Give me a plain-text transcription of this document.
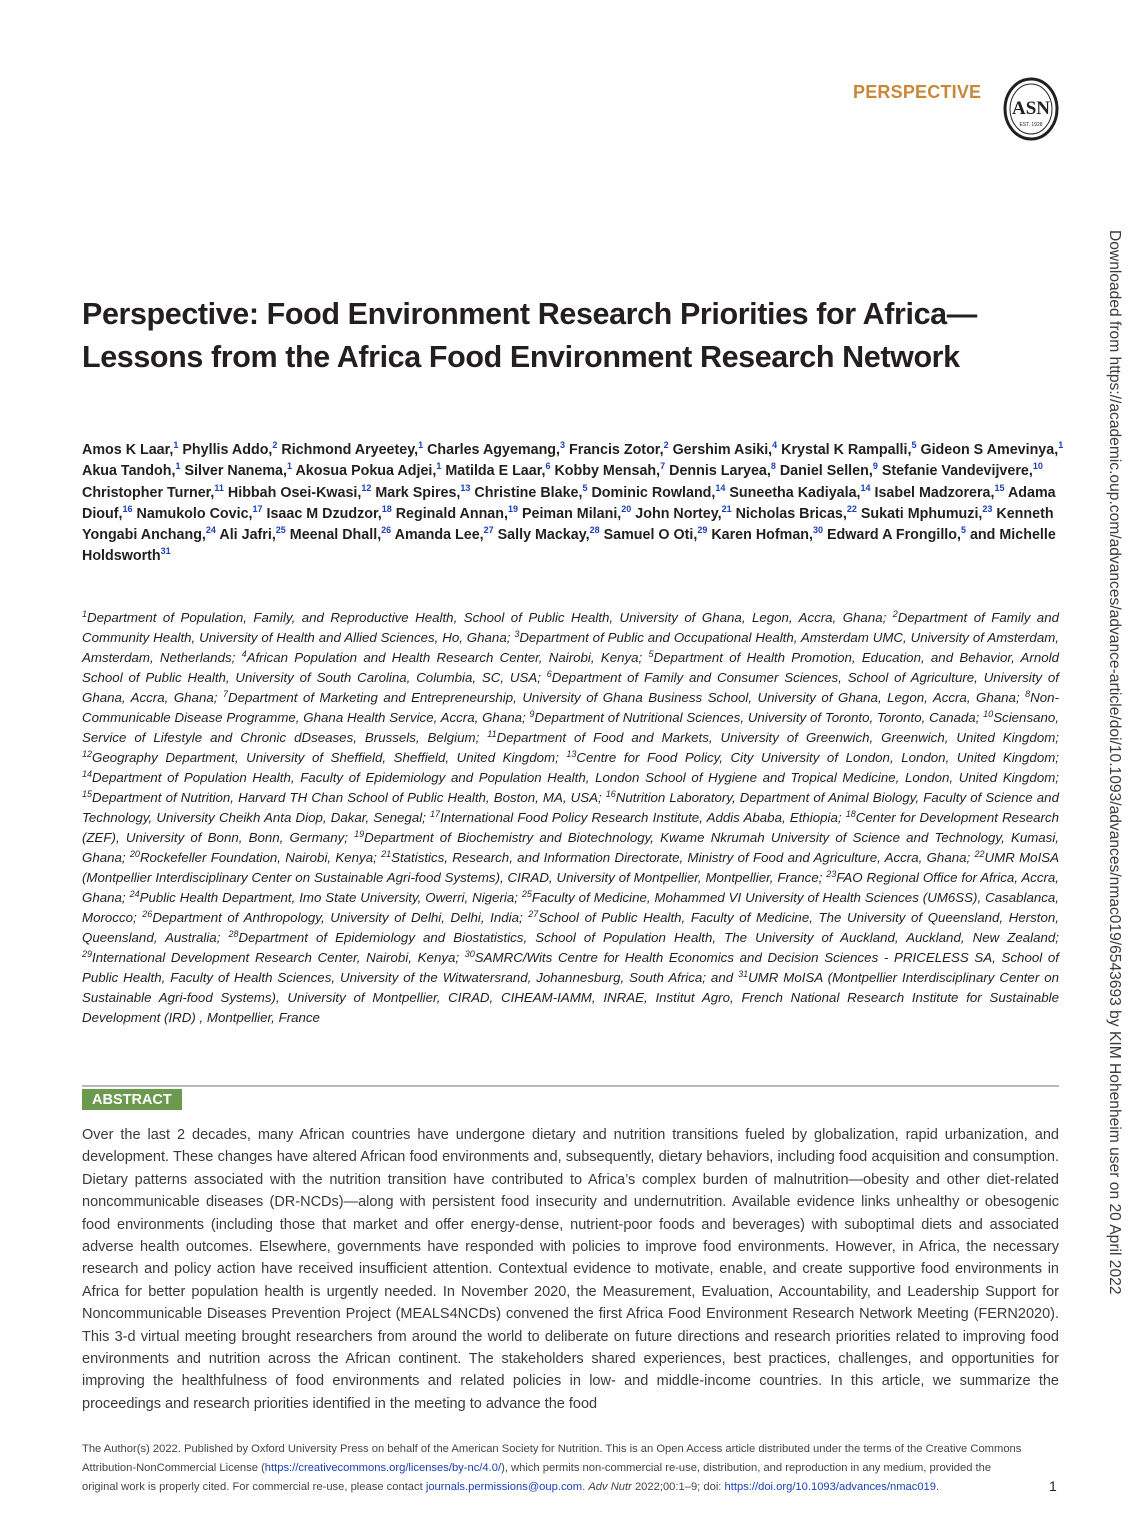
PERSPECTIVE
ASN
EST. 1928
Downloaded from https://academic.oup.com/advances/advance-article/doi/10.1093/advances/nmac019/6543693 by KIM Hohenheim user on 20 April 2022
Perspective: Food Environment Research Priorities for Africa—Lessons from the Africa Food Environment Research Network
Amos K Laar,$^1$ Phyllis Addo,$^2$ Richmond Aryeetey,$^1$ Charles Agyemang,$^3$ Francis Zotor,$^2$ Gershim Asiki,$^4$ Krystal K Rampalli,$^5$ Gideon S Amevinya,$^1$ Akua Tandoh,$^1$ Silver Nanema,$^1$ Akosua Pokua Adjei,$^1$ Matilda E Laar,$^6$ Kobby Mensah,$^7$ Dennis Laryea,$^8$ Daniel Sellen,$^9$ Stefanie Vandevijvere,$^{10}$ Christopher Turner,$^{11}$ Hibbah Osei-Kwasi,$^{12}$ Mark Spires,$^{13}$ Christine Blake,$^5$ Dominic Rowland,$^{14}$ Suneetha Kadiyala,$^{14}$ Isabel Madzorera,$^{15}$ Adama Diouf,$^{16}$ Namukolo Covic,$^{17}$ Isaac M Dzudzor,$^{18}$ Reginald Annan,$^{19}$ Peiman Milani,$^{20}$ John Nortey,$^{21}$ Nicholas Bricas,$^{22}$ Sukati Mphumuzi,$^{23}$ Kenneth Yongabi Anchang,$^{24}$ Ali Jafri,$^{25}$ Meenal Dhall,$^{26}$ Amanda Lee,$^{27}$ Sally Mackay,$^{28}$ Samuel O Oti,$^{29}$ Karen Hofman,$^{30}$ Edward A Frongillo,$^5$ and Michelle Holdsworth$^{31}$
$^1$Department of Population, Family, and Reproductive Health, School of Public Health, University of Ghana, Legon, Accra, Ghana; $^2$Department of Family and Community Health, University of Health and Allied Sciences, Ho, Ghana; $^3$Department of Public and Occupational Health, Amsterdam UMC, University of Amsterdam, Amsterdam, Netherlands; $^4$African Population and Health Research Center, Nairobi, Kenya; $^5$Department of Health Promotion, Education, and Behavior, Arnold School of Public Health, University of South Carolina, Columbia, SC, USA; $^6$Department of Family and Consumer Sciences, School of Agriculture, University of Ghana, Accra, Ghana; $^7$Department of Marketing and Entrepreneurship, University of Ghana Business School, University of Ghana, Legon, Accra, Ghana; $^8$Non-Communicable Disease Programme, Ghana Health Service, Accra, Ghana; $^9$Department of Nutritional Sciences, University of Toronto, Toronto, Canada; $^{10}$Sciensano, Service of Lifestyle and Chronic dDseases, Brussels, Belgium; $^{11}$Department of Food and Markets, University of Greenwich, Greenwich, United Kingdom; $^{12}$Geography Department, University of Sheffield, Sheffield, United Kingdom; $^{13}$Centre for Food Policy, City University of London, London, United Kingdom; $^{14}$Department of Population Health, Faculty of Epidemiology and Population Health, London School of Hygiene and Tropical Medicine, London, United Kingdom; $^{15}$Department of Nutrition, Harvard TH Chan School of Public Health, Boston, MA, USA; $^{16}$Nutrition Laboratory, Department of Animal Biology, Faculty of Science and Technology, University Cheikh Anta Diop, Dakar, Senegal; $^{17}$International Food Policy Research Institute, Addis Ababa, Ethiopia; $^{18}$Center for Development Research (ZEF), University of Bonn, Bonn, Germany; $^{19}$Department of Biochemistry and Biotechnology, Kwame Nkrumah University of Science and Technology, Kumasi, Ghana; $^{20}$Rockefeller Foundation, Nairobi, Kenya; $^{21}$Statistics, Research, and Information Directorate, Ministry of Food and Agriculture, Accra, Ghana; $^{22}$UMR MoISA (Montpellier Interdisciplinary Center on Sustainable Agri-food Systems), CIRAD, University of Montpellier, Montpellier, France; $^{23}$FAO Regional Office for Africa, Accra, Ghana; $^{24}$Public Health Department, Imo State University, Owerri, Nigeria; $^{25}$Faculty of Medicine, Mohammed VI University of Health Sciences (UM6SS), Casablanca, Morocco; $^{26}$Department of Anthropology, University of Delhi, Delhi, India; $^{27}$School of Public Health, Faculty of Medicine, The University of Queensland, Herston, Queensland, Australia; $^{28}$Department of Epidemiology and Biostatistics, School of Population Health, The University of Auckland, Auckland, New Zealand; $^{29}$International Development Research Center, Nairobi, Kenya; $^{30}$SAMRC/Wits Centre for Health Economics and Decision Sciences - PRICELESS SA, School of Public Health, Faculty of Health Sciences, University of the Witwatersrand, Johannesburg, South Africa; and $^{31}$UMR MoISA (Montpellier Interdisciplinary Center on Sustainable Agri-food Systems), University of Montpellier, CIRAD, CIHEAM-IAMM, INRAE, Institut Agro, French National Research Institute for Sustainable Development (IRD) , Montpellier, France
ABSTRACT
Over the last 2 decades, many African countries have undergone dietary and nutrition transitions fueled by globalization, rapid urbanization, and development. These changes have altered African food environments and, subsequently, dietary behaviors, including food acquisition and consumption. Dietary patterns associated with the nutrition transition have contributed to Africa’s complex burden of malnutrition—obesity and other diet-related noncommunicable diseases (DR-NCDs)—along with persistent food insecurity and undernutrition. Available evidence links unhealthy or obesogenic food environments (including those that market and offer energy-dense, nutrient-poor foods and beverages) with suboptimal diets and associated adverse health outcomes. Elsewhere, governments have responded with policies to improve food environments. However, in Africa, the necessary research and policy action have received insufficient attention. Contextual evidence to motivate, enable, and create supportive food environments in Africa for better population health is urgently needed. In November 2020, the Measurement, Evaluation, Accountability, and Leadership Support for Noncommunicable Diseases Prevention Project (MEALS4NCDs) convened the first Africa Food Environment Research Network Meeting (FERN2020). This 3-d virtual meeting brought researchers from around the world to deliberate on future directions and research priorities related to improving food environments and nutrition across the African continent. The stakeholders shared experiences, best practices, challenges, and opportunities for improving the healthfulness of food environments and related policies in low- and middle-income countries. In this article, we summarize the proceedings and research priorities identified in the meeting to advance the food
The Author(s) 2022. Published by Oxford University Press on behalf of the American Society for Nutrition. This is an Open Access article distributed under the terms of the Creative Commons
Attribution-NonCommercial License (https://creativecommons.org/licenses/by-nc/4.0/), which permits non-commercial re-use, distribution, and reproduction in any medium, provided the
original work is properly cited. For commercial re-use, please contact journals.permissions@oup.com. Adv Nutr 2022;00:1–9; doi: https://doi.org/10.1093/advances/nmac019.	1
